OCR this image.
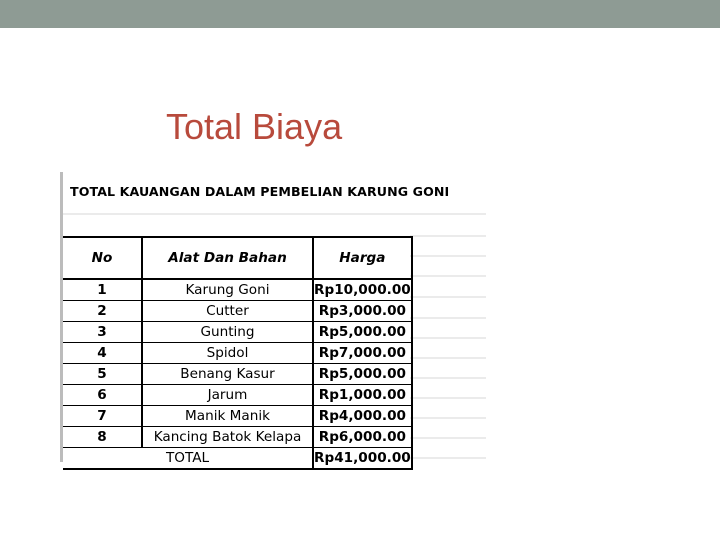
Total Biaya
TOTAL KAUANGAN DALAM PEMBELIAN KARUNG GONI
No	Alat Dan Bahan	Harga
1	Karung Goni	Rp10,000.00
2	Cutter	Rp3,000.00
3	Gunting	Rp5,000.00
4	Spidol	Rp7,000.00
5	Benang Kasur	Rp5,000.00
6	Jarum	Rp1,000.00
7	Manik Manik	Rp4,000.00
8	Kancing Batok Kelapa	Rp6,000.00
TOTAL		Rp41,000.00
